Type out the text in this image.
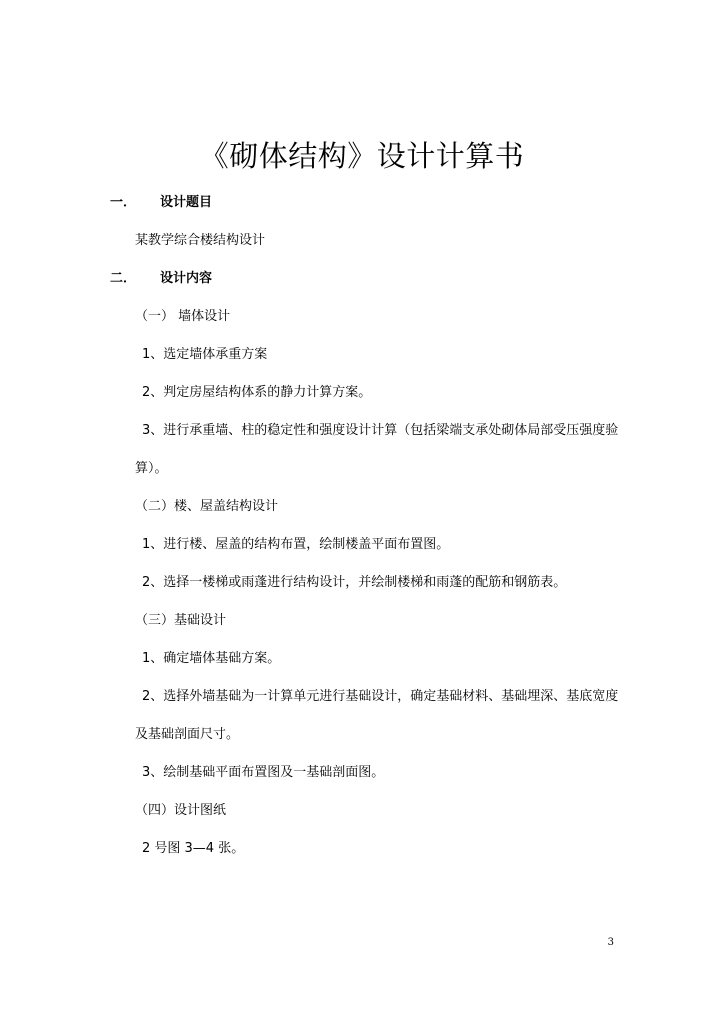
《砌体结构》设计计算书
一． 设计题目
某教学综合楼结构设计
二． 设计内容
（一） 墙体设计
1、选定墙体承重方案
2、判定房屋结构体系的静力计算方案。
3、进行承重墙、柱的稳定性和强度设计计算（包括梁端支承处砌体局部受压强度验
算）。
（二）楼、屋盖结构设计
1、进行楼、屋盖的结构布置，绘制楼盖平面布置图。
2、选择一楼梯或雨蓬进行结构设计，并绘制楼梯和雨蓬的配筋和钢筋表。
（三）基础设计
1、确定墙体基础方案。
2、选择外墙基础为一计算单元进行基础设计，确定基础材料、基础埋深、基底宽度
及基础剖面尺寸。
3、绘制基础平面布置图及一基础剖面图。
（四）设计图纸
2 号图 3—4 张。
3
